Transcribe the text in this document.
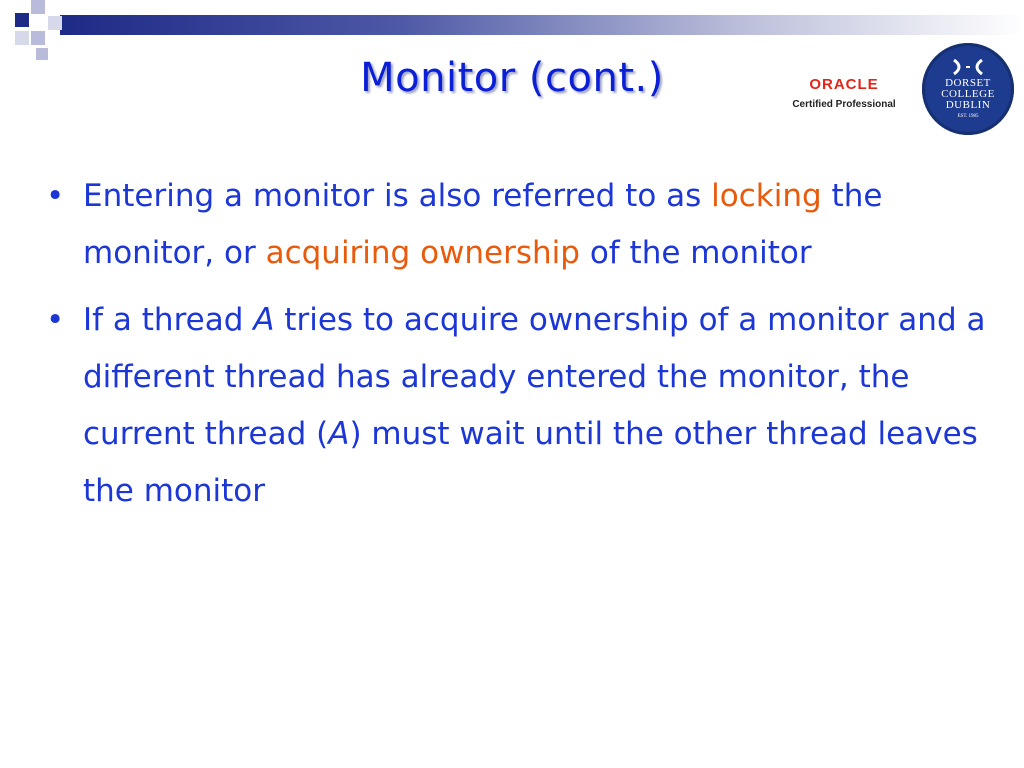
Monitor (cont.)	ORACLE
Certified Professional
DORSET
COLLEGE
DUBLIN
EST. 1985
• Entering a monitor is also referred to as locking the monitor, or acquiring ownership of the monitor
• If a thread A tries to acquire ownership of a monitor and a different thread has already entered the monitor, the current thread (A) must wait until the other thread leaves the monitor
